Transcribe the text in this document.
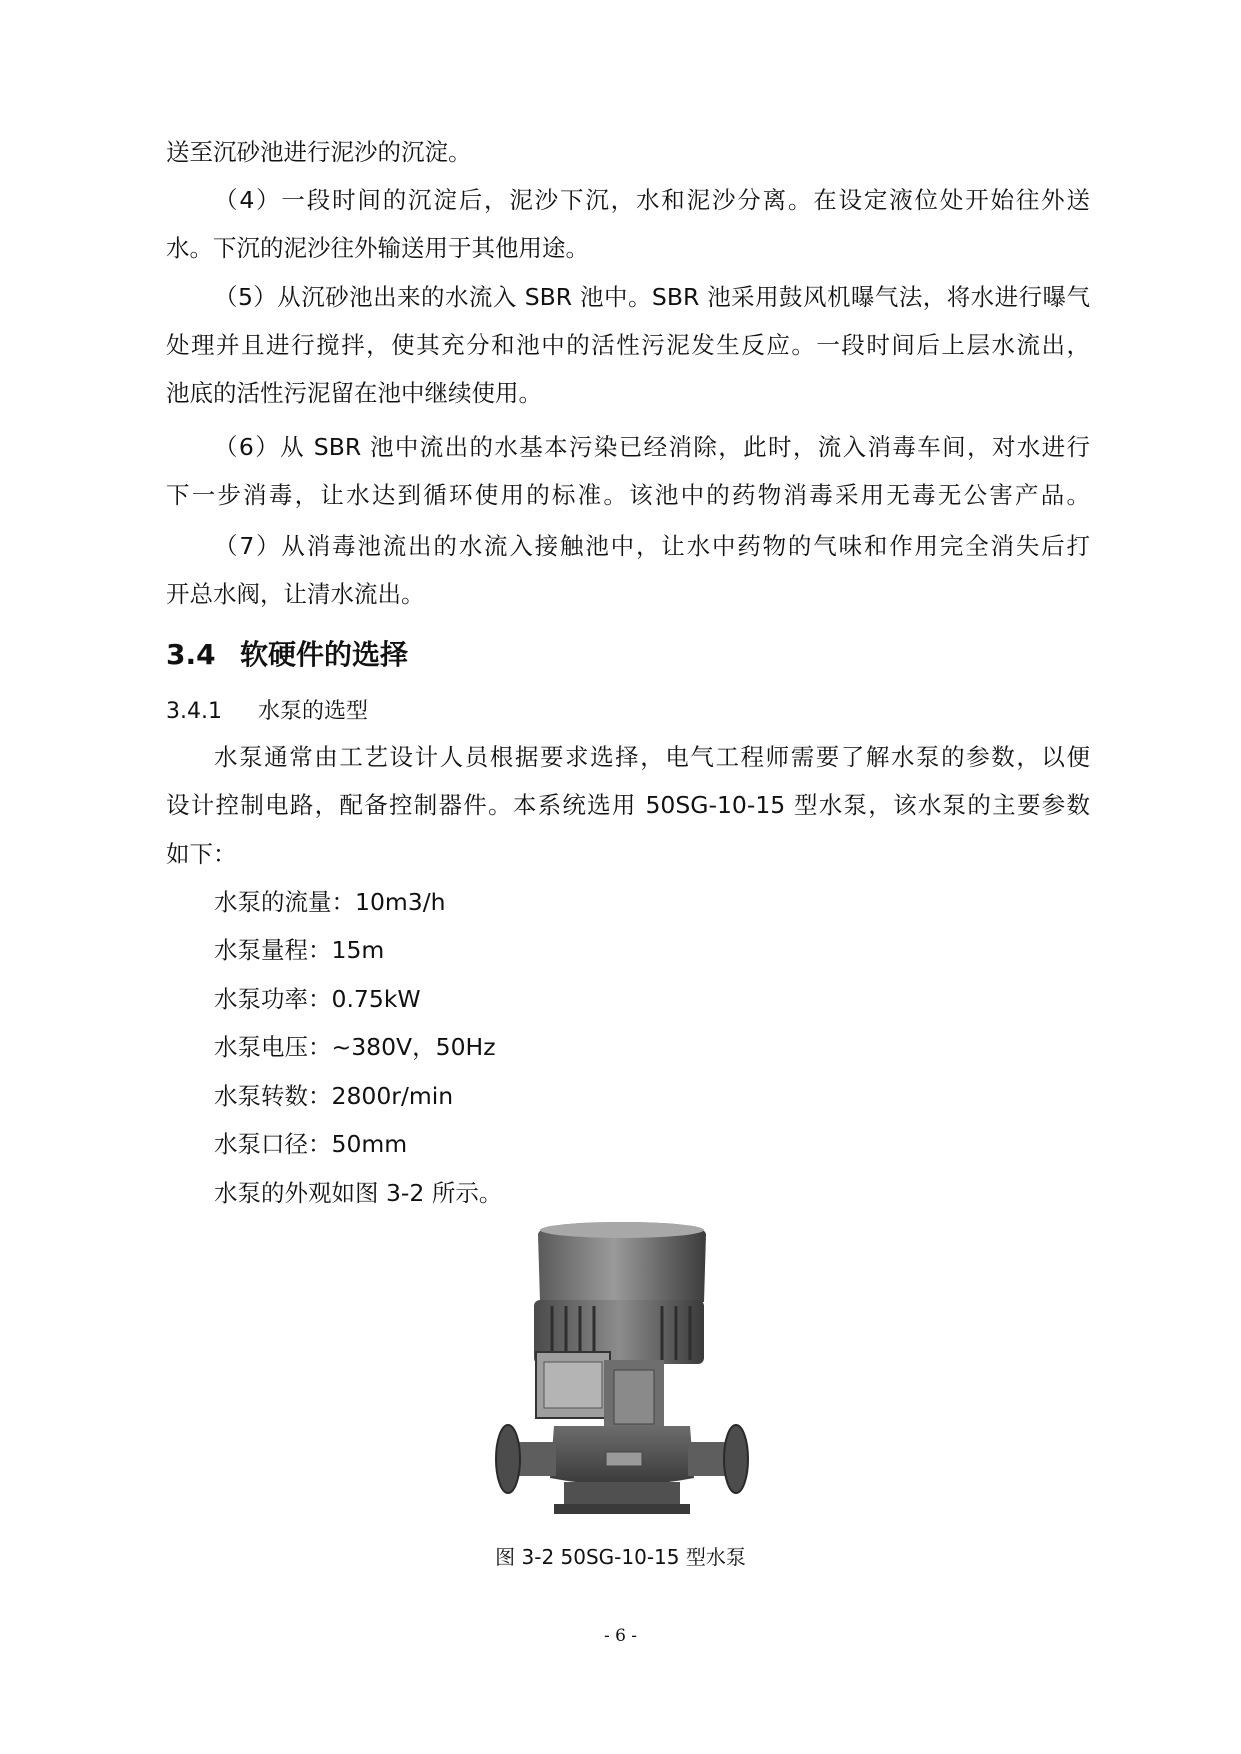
送至沉砂池进行泥沙的沉淀。
（4）一段时间的沉淀后，泥沙下沉，水和泥沙分离。在设定液位处开始往外送
水。下沉的泥沙往外输送用于其他用途。
（5）从沉砂池出来的水流入 SBR 池中。SBR 池采用鼓风机曝气法，将水进行曝气
处理并且进行搅拌，使其充分和池中的活性污泥发生反应。一段时间后上层水流出，
池底的活性污泥留在池中继续使用。
（6）从 SBR 池中流出的水基本污染已经消除，此时，流入消毒车间，对水进行
下一步消毒，让水达到循环使用的标准。该池中的药物消毒采用无毒无公害产品。
（7）从消毒池流出的水流入接触池中，让水中药物的气味和作用完全消失后打
开总水阀，让清水流出。
3.4 软硬件的选择
3.4.1 水泵的选型
水泵通常由工艺设计人员根据要求选择，电气工程师需要了解水泵的参数，以便
设计控制电路，配备控制器件。本系统选用 50SG-10-15 型水泵，该水泵的主要参数
如下：
水泵的流量：10m3/h
水泵量程：15m
水泵功率：0.75kW
水泵电压：~380V，50Hz
水泵转数：2800r/min
水泵口径：50mm
水泵的外观如图 3-2 所示。
图 3-2 50SG-10-15 型水泵
- 6 -
